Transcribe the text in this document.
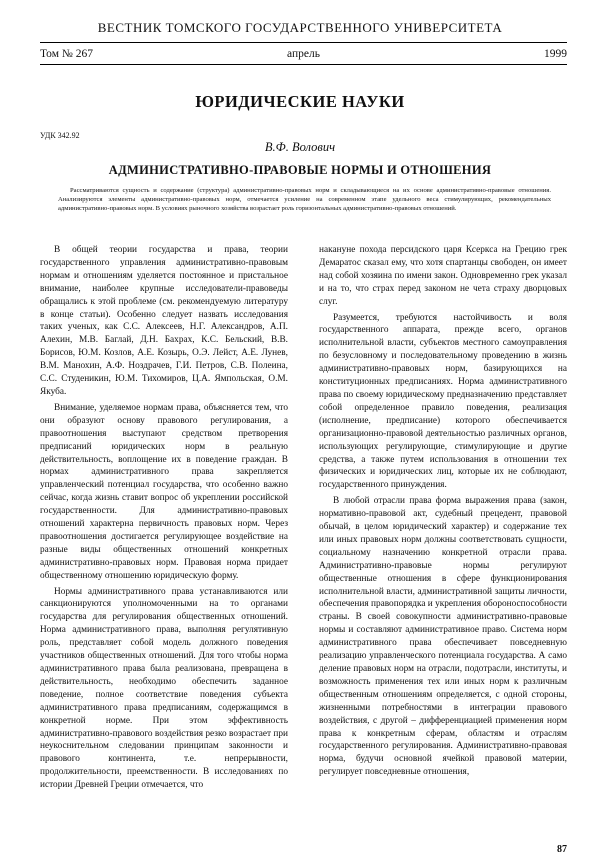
ВЕСТНИК ТОМСКОГО ГОСУДАРСТВЕННОГО УНИВЕРСИТЕТА
Том № 267	апрель	1999
ЮРИДИЧЕСКИЕ НАУКИ
УДК 342.92
В.Ф. Волович
АДМИНИСТРАТИВНО-ПРАВОВЫЕ НОРМЫ И ОТНОШЕНИЯ
Рассматриваются сущность и содержание (структура) административно-правовых норм и складывающиеся на их основе административно-правовые отношения. Анализируются элементы административно-правовых норм, отмечается усиление на современном этапе удельного веса стимулирующих, рекомендательных административно-правовых норм. В условиях рыночного хозяйства возрастает роль горизонтальных административно-правовых отношений.

В общей теории государства и права, теории государственного управления административно-правовым нормам и отношениям уделяется постоянное и пристальное внимание, наиболее крупные исследователи-правоведы обращались к этой проблеме (см. рекомендуемую литературу в конце статьи). Особенно следует назвать исследования таких ученых, как С.С. Алексеев, Н.Г. Александров, А.П. Алехин, М.В. Баглай, Д.Н. Бахрах, К.С. Бельский, В.В. Борисов, Ю.М. Козлов, А.Е. Козырь, О.Э. Лейст, А.Е. Лунев, В.М. Манохин, А.Ф. Ноздрачев, Г.И. Петров, С.В. Полеина, С.С. Студеникин, Ю.М. Тихомиров, Ц.А. Ямпольская, О.М. Якуба.

Внимание, уделяемое нормам права, объясняется тем, что они образуют основу правового регулирования, а правоотношения выступают средством претворения предписаний юридических норм в реальную действительность, воплощение их в поведение граждан. В нормах административного права закрепляется управленческий потенциал государства, что особенно важно сейчас, когда жизнь ставит вопрос об укреплении российской государственности. Для административно-правовых отношений характерна первичность правовых норм. Через правоотношения достигается регулирующее воздействие на разные виды общественных отношений конкретных административно-правовых норм. Правовая норма придает общественному отношению юридическую форму.

Нормы административного права устанавливаются или санкционируются уполномоченными на то органами государства для регулирования общественных отношений. Норма административного права, выполняя регулятивную роль, представляет собой модель должного поведения участников общественных отношений. Для того чтобы норма административного права была реализована, превращена в действительность, необходимо обеспечить заданное поведение, полное соответствие поведения субъекта административного права предписаниям, содержащимся в конкретной норме. При этом эффективность административно-правового воздействия резко возрастает при неукоснительном следовании принципам законности и правового континента, т.е. непрерывности, продолжительности, преемственности. В исследованиях по истории Древней Греции отмечается, что

накануне похода персидского царя Ксеркса на Грецию грек Демаратос сказал ему, что хотя спартанцы свободен, он имеет над собой хозяина по имени закон. Одновременно грек указал и на то, что страх перед законом не чета страху дворцовых слуг.

Разумеется, требуются настойчивость и воля государственного аппарата, прежде всего, органов исполнительной власти, субъектов местного самоуправления по безусловному и последовательному проведению в жизнь административно-правовых норм, базирующихся на конституционных предписаниях. Норма административного права по своему юридическому предназначению представляет собой определенное правило поведения, реализация (исполнение, предписание) которого обеспечивается организационно-правовой деятельностью различных органов, использующих регулирующие, стимулирующие и другие средства, а также путем использования в отношении тех физических и юридических лиц, которые их не соблюдают, государственного принуждения.

В любой отрасли права форма выражения права (закон, нормативно-правовой акт, судебный прецедент, правовой обычай, в целом юридический характер) и содержание тех или иных правовых норм должны соответствовать сущности, социальному назначению конкретной отрасли права. Административно-правовые нормы регулируют общественные отношения в сфере функционирования исполнительной власти, административной защиты личности, обеспечения правопорядка и укрепления обороноспособности страны. В своей совокупности административно-правовые нормы и составляют административное право. Система норм административного права обеспечивает повседневную реализацию управленческого потенциала государства. А само деление правовых норм на отрасли, подотрасли, институты, и возможность применения тех или иных норм к различным общественным отношениям определяется, с одной стороны, жизненными потребностями в интеграции правового воздействия, с другой – дифференциацией применения норм права к конкретным сферам, областям и отраслям государственного регулирования. Административно-правовая норма, будучи основной ячейкой правовой материи, регулирует повседневные отношения,

87
